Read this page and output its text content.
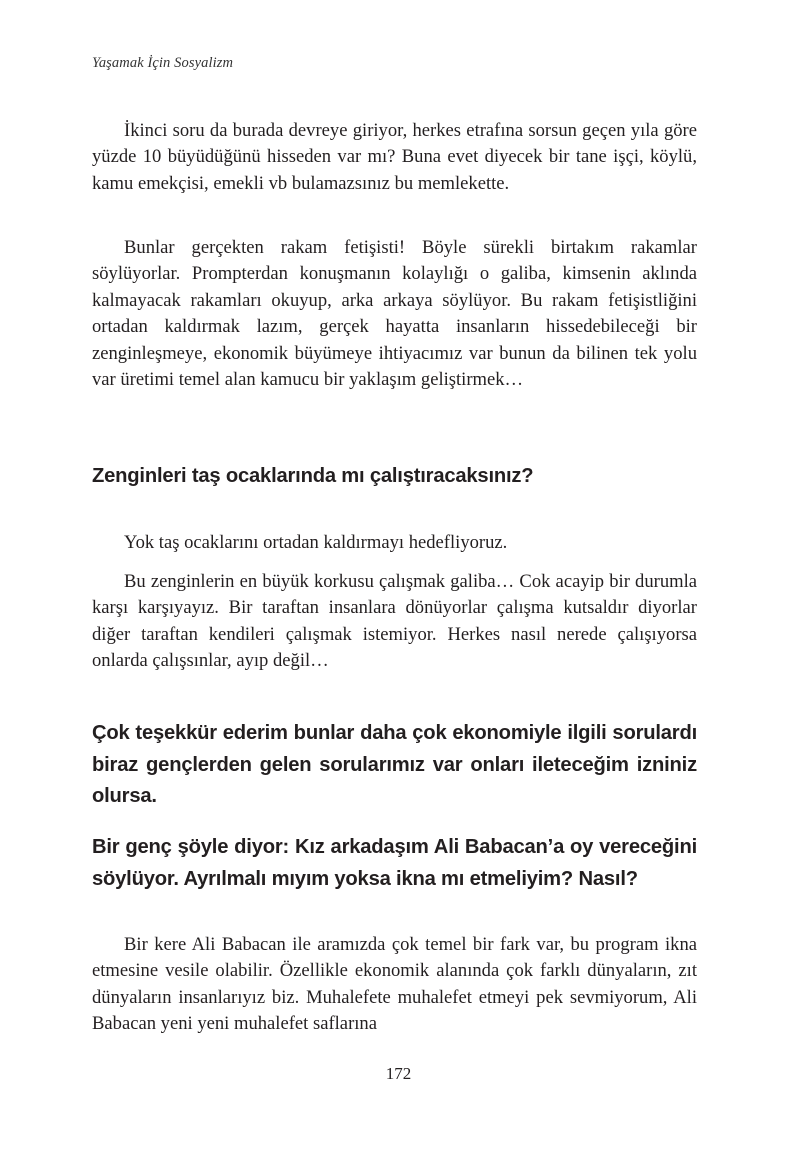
Yaşamak İçin Sosyalizm

İkinci soru da burada devreye giriyor, herkes etrafına sorsun geçen yıla göre yüzde 10 büyüdüğünü hisseden var mı? Buna evet diyecek bir tane işçi, köylü, kamu emekçisi, emekli vb bulamazsınız bu memlekette.

Bunlar gerçekten rakam fetişisti! Böyle sürekli birtakım rakamlar söylüyorlar. Prompterdan konuşmanın kolaylığı o galiba, kimsenin aklında kalmayacak rakamları okuyup, arka arkaya söylüyor. Bu rakam fetişistliğini ortadan kaldırmak lazım, gerçek hayatta insanların hissedebileceği bir zenginleşmeye, ekonomik büyümeye ihtiyacımız var bunun da bilinen tek yolu var üretimi temel alan kamucu bir yaklaşım geliştirmek…

Zenginleri taş ocaklarında mı çalıştıracaksınız?

Yok taş ocaklarını ortadan kaldırmayı hedefliyoruz.

Bu zenginlerin en büyük korkusu çalışmak galiba… Cok acayip bir durumla karşı karşıyayız. Bir taraftan insanlara dönüyorlar çalışma kutsaldır diyorlar diğer taraftan kendileri çalışmak istemiyor. Herkes nasıl nerede çalışıyorsa onlarda çalışsınlar, ayıp değil…

Çok teşekkür ederim bunlar daha çok ekonomiyle ilgili sorulardı biraz gençlerden gelen sorularımız var onları ileteceğim izniniz olursa.
Bir genç şöyle diyor: Kız arkadaşım Ali Babacan’a oy vereceğini söylüyor. Ayrılmalı mıyım yoksa ikna mı etmeliyim? Nasıl?

Bir kere Ali Babacan ile aramızda çok temel bir fark var, bu program ikna etmesine vesile olabilir. Özellikle ekonomik alanında çok farklı dünyaların, zıt dünyaların insanlarıyız biz. Muhalefete muhalefet etmeyi pek sevmiyorum, Ali Babacan yeni yeni muhalefet saflarına

172
